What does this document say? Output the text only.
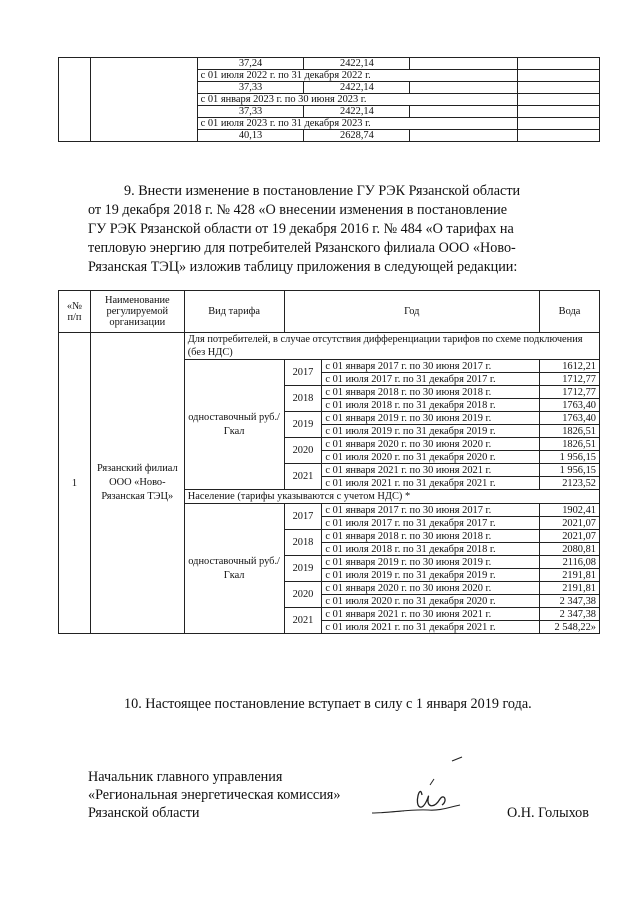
		37,24	2422,14		
		с 01 июля 2022 г. по 31 декабря 2022 г.			
		37,33	2422,14		
		с 01 января 2023 г. по 30 июня 2023 г.			
		37,33	2422,14		
		с 01 июля 2023 г. по 31 декабря 2023 г.			
		40,13	2628,74		
9. Внести изменение в постановление ГУ РЭК Рязанской области
от 19 декабря 2018 г. № 428 «О внесении изменения в постановление
ГУ РЭК Рязанской области от 19 декабря 2016 г. № 484 «О тарифах на
тепловую энергию для потребителей Рязанского филиала ООО «Ново-
Рязанская ТЭЦ» изложив таблицу приложения в следующей редакции:
«№ п/п	Наименование регулируемой организации	Вид тарифа	Год		Вода
1	Рязанский филиал ООО «Ново-Рязанская ТЭЦ»	Для потребителей, в случае отсутствия дифференциации тарифов по схеме подключения (без НДС)			
		одноставочный руб./Гкал	2017	с 01 января 2017 г. по 30 июня 2017 г.	1612,21
				с 01 июля 2017 г. по 31 декабря 2017 г.	1712,77
			2018	с 01 января 2018 г. по 30 июня 2018 г.	1712,77
				с 01 июля 2018 г. по 31 декабря 2018 г.	1763,40
			2019	с 01 января 2019 г. по 30 июня 2019 г.	1763,40
				с 01 июля 2019 г. по 31 декабря 2019 г.	1826,51
			2020	с 01 января 2020 г. по 30 июня 2020 г.	1826,51
				с 01 июля 2020 г. по 31 декабря 2020 г.	1 956,15
			2021	с 01 января 2021 г. по 30 июня 2021 г.	1 956,15
				с 01 июля 2021 г. по 31 декабря 2021 г.	2123,52
		Население (тарифы указываются с учетом НДС) *			
		одноставочный руб./Гкал	2017	с 01 января 2017 г. по 30 июня 2017 г.	1902,41
				с 01 июля 2017 г. по 31 декабря 2017 г.	2021,07
			2018	с 01 января 2018 г. по 30 июня 2018 г.	2021,07
				с 01 июля 2018 г. по 31 декабря 2018 г.	2080,81
			2019	с 01 января 2019 г. по 30 июня 2019 г.	2116,08
				с 01 июля 2019 г. по 31 декабря 2019 г.	2191,81
			2020	с 01 января 2020 г. по 30 июня 2020 г.	2191,81
				с 01 июля 2020 г. по 31 декабря 2020 г.	2 347,38
			2021	с 01 января 2021 г. по 30 июня 2021 г.	2 347,38
				с 01 июля 2021 г. по 31 декабря 2021 г.	2 548,22»
10. Настоящее постановление вступает в силу с 1 января 2019 года.
Начальник главного управления
«Региональная энергетическая комиссия»
Рязанской области	О.Н. Голыхов
